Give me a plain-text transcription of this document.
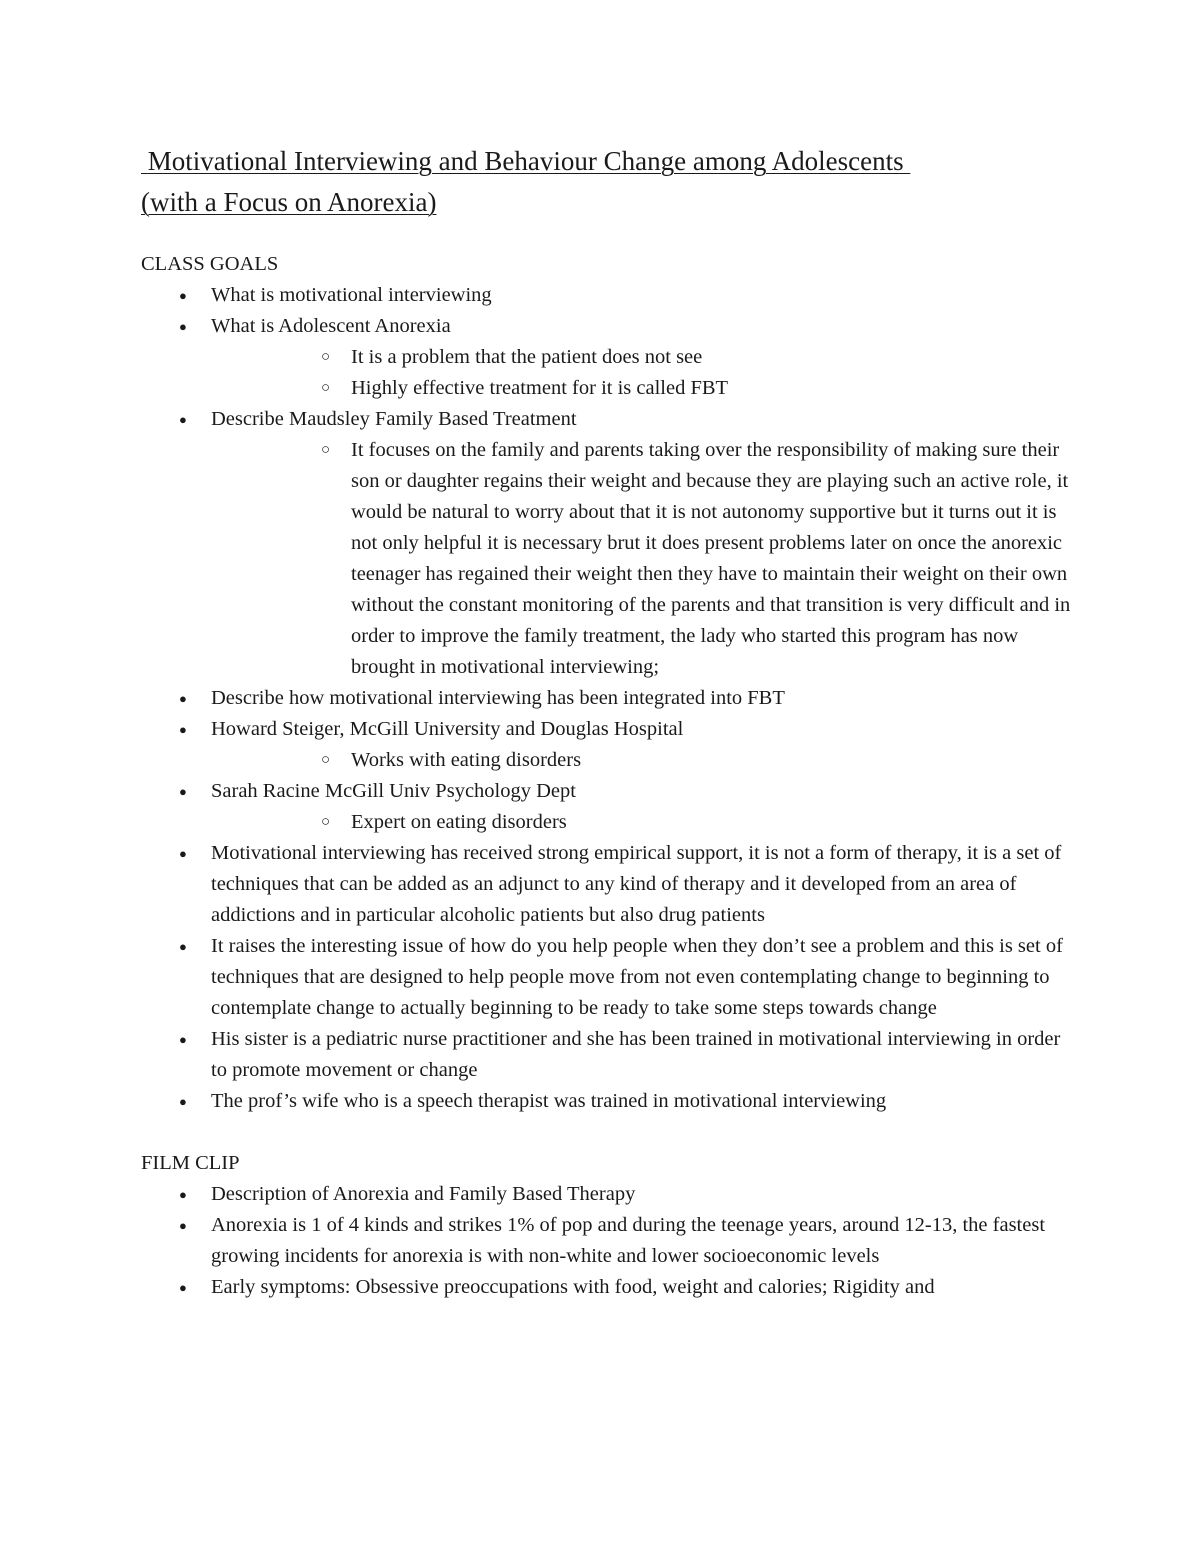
Motivational Interviewing and Behaviour Change among Adolescents
(with a Focus on Anorexia)
CLASS GOALS
● What is motivational interviewing
● What is Adolescent Anorexia
○ It is a problem that the patient does not see
○ Highly effective treatment for it is called FBT
● Describe Maudsley Family Based Treatment
○ It focuses on the family and parents taking over the responsibility of making sure their son or daughter regains their weight and because they are playing such an active role, it would be natural to worry about that it is not autonomy supportive but it turns out it is not only helpful it is necessary brut it does present problems later on once the anorexic teenager has regained their weight then they have to maintain their weight on their own without the constant monitoring of the parents and that transition is very difficult and in order to improve the family treatment, the lady who started this program has now brought in motivational interviewing;
● Describe how motivational interviewing has been integrated into FBT
● Howard Steiger, McGill University and Douglas Hospital
○ Works with eating disorders
● Sarah Racine McGill Univ Psychology Dept
○ Expert on eating disorders
● Motivational interviewing has received strong empirical support, it is not a form of therapy, it is a set of techniques that can be added as an adjunct to any kind of therapy and it developed from an area of addictions and in particular alcoholic patients but also drug patients
● It raises the interesting issue of how do you help people when they don’t see a problem and this is set of techniques that are designed to help people move from not even contemplating change to beginning to contemplate change to actually beginning to be ready to take some steps towards change
● His sister is a pediatric nurse practitioner and she has been trained in motivational interviewing in order to promote movement or change
● The prof’s wife who is a speech therapist was trained in motivational interviewing
FILM CLIP
● Description of Anorexia and Family Based Therapy
● Anorexia is 1 of 4 kinds and strikes 1% of pop and during the teenage years, around 12-13, the fastest growing incidents for anorexia is with non-white and lower socioeconomic levels
● Early symptoms: Obsessive preoccupations with food, weight and calories; Rigidity and
